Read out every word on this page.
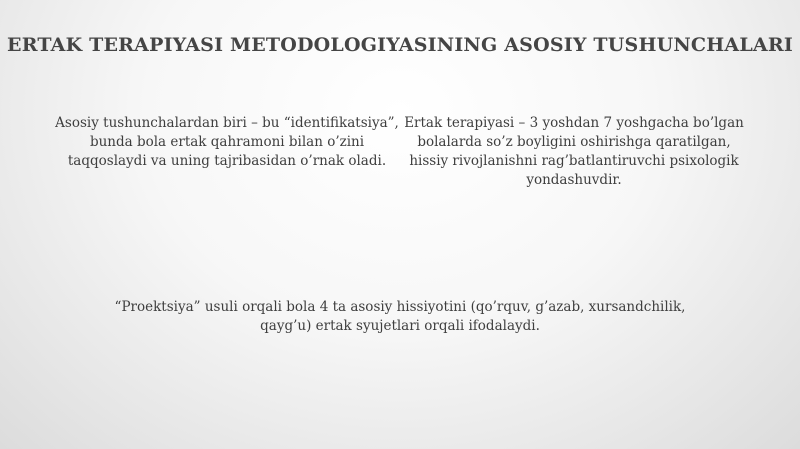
ERTAK TERAPIYASI METODOLOGIYASINING ASOSIY TUSHUNCHALARI
Asosiy tushunchalardan biri – bu “identifikatsiya”, bunda bola ertak qahramoni bilan o’zini taqqoslaydi va uning tajribasidan o’rnak oladi.
Ertak terapiyasi – 3 yoshdan 7 yoshgacha bo’lgan bolalarda so’z boyligini oshirishga qaratilgan, hissiy rivojlanishni rag’batlantiruvchi psixologik yondashuvdir.
“Proektsiya” usuli orqali bola 4 ta asosiy hissiyotini (qo’rquv, g’azab, xursandchilik, qayg’u) ertak syujetlari orqali ifodalaydi.
